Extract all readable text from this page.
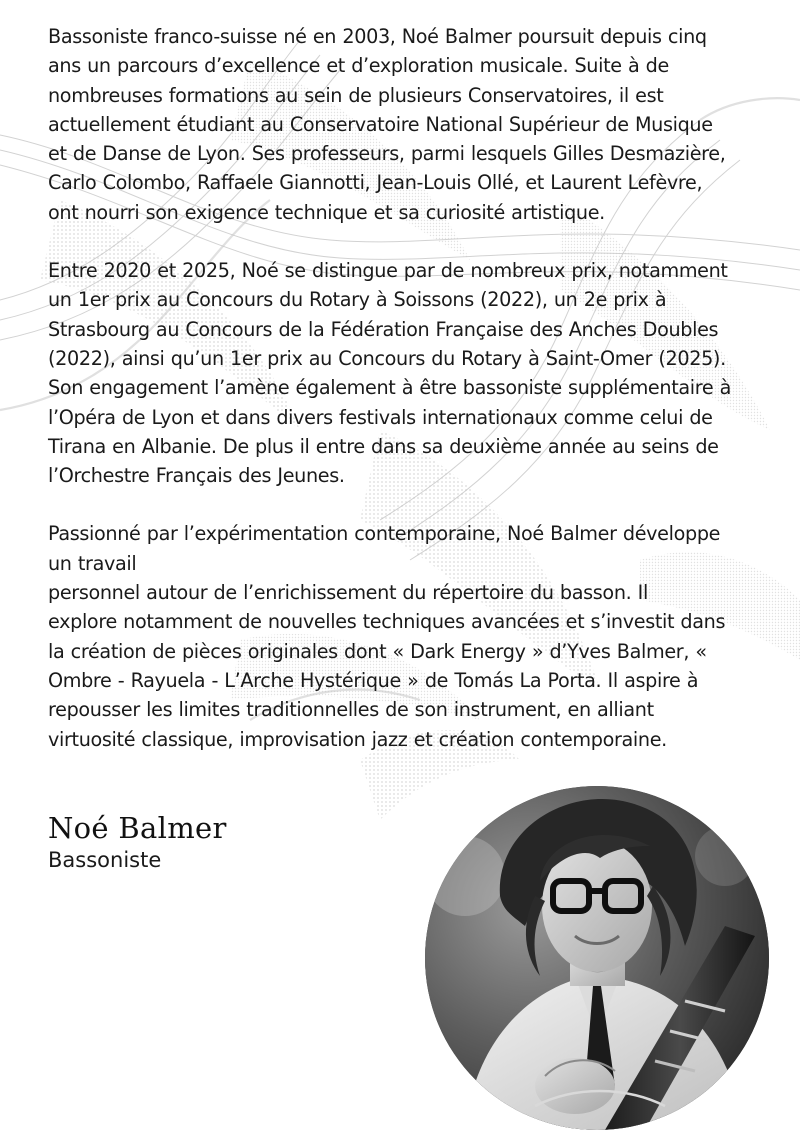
Bassoniste franco-suisse né en 2003, Noé Balmer poursuit depuis cinq
ans un parcours d’excellence et d’exploration musicale. Suite à de
nombreuses formations au sein de plusieurs Conservatoires, il est
actuellement étudiant au Conservatoire National Supérieur de Musique
et de Danse de Lyon. Ses professeurs, parmi lesquels Gilles Desmazière,
Carlo Colombo, Raffaele Giannotti, Jean-Louis Ollé, et Laurent Lefèvre,
ont nourri son exigence technique et sa curiosité artistique.

Entre 2020 et 2025, Noé se distingue par de nombreux prix, notamment
un 1er prix au Concours du Rotary à Soissons (2022), un 2e prix à
Strasbourg au Concours de la Fédération Française des Anches Doubles
(2022), ainsi qu’un 1er prix au Concours du Rotary à Saint-Omer (2025).
Son engagement l’amène également à être bassoniste supplémentaire à
l’Opéra de Lyon et dans divers festivals internationaux comme celui de
Tirana en Albanie. De plus il entre dans sa deuxième année au seins de
l’Orchestre Français des Jeunes.

Passionné par l’expérimentation contemporaine, Noé Balmer développe
un travail
personnel autour de l’enrichissement du répertoire du basson. Il
explore notamment de nouvelles techniques avancées et s’investit dans
la création de pièces originales dont « Dark Energy » d’Yves Balmer, «
Ombre - Rayuela - L’Arche Hystérique » de Tomás La Porta. Il aspire à
repousser les limites traditionnelles de son instrument, en alliant
virtuosité classique, improvisation jazz et création contemporaine.

Noé Balmer

Bassoniste
